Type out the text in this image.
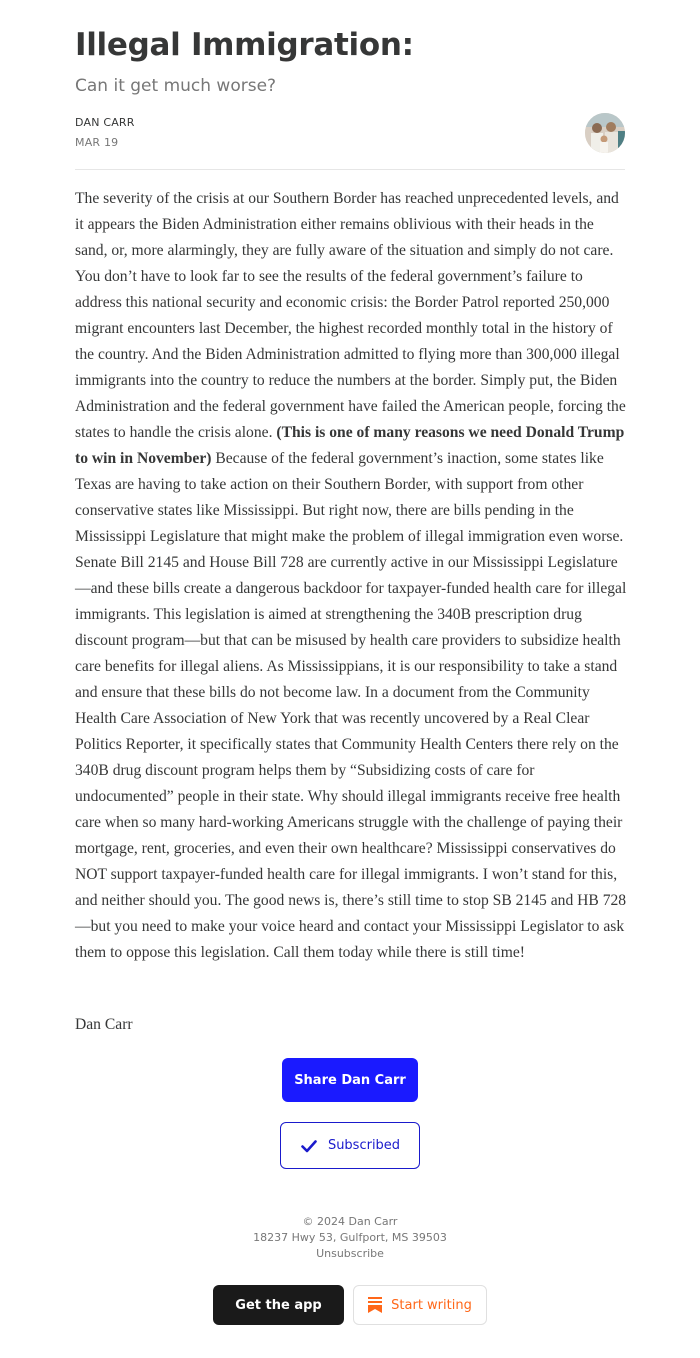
Illegal Immigration:
Can it get much worse?
DAN CARR
MAR 19
The severity of the crisis at our Southern Border has reached unprecedented levels, and it appears the Biden Administration either remains oblivious with their heads in the sand, or, more alarmingly, they are fully aware of the situation and simply do not care. You don’t have to look far to see the results of the federal government’s failure to address this national security and economic crisis: the Border Patrol reported 250,000 migrant encounters last December, the highest recorded monthly total in the history of the country. And the Biden Administration admitted to flying more than 300,000 illegal immigrants into the country to reduce the numbers at the border. Simply put, the Biden Administration and the federal government have failed the American people, forcing the states to handle the crisis alone. (This is one of many reasons we need Donald Trump to win in November) Because of the federal government’s inaction, some states like Texas are having to take action on their Southern Border, with support from other conservative states like Mississippi. But right now, there are bills pending in the Mississippi Legislature that might make the problem of illegal immigration even worse. Senate Bill 2145 and House Bill 728 are currently active in our Mississippi Legislature—and these bills create a dangerous backdoor for taxpayer-funded health care for illegal immigrants. This legislation is aimed at strengthening the 340B prescription drug discount program—but that can be misused by health care providers to subsidize health care benefits for illegal aliens. As Mississippians, it is our responsibility to take a stand and ensure that these bills do not become law. In a document from the Community Health Care Association of New York that was recently uncovered by a Real Clear Politics Reporter, it specifically states that Community Health Centers there rely on the 340B drug discount program helps them by “Subsidizing costs of care for undocumented” people in their state. Why should illegal immigrants receive free health care when so many hard-working Americans struggle with the challenge of paying their mortgage, rent, groceries, and even their own healthcare? Mississippi conservatives do NOT support taxpayer-funded health care for illegal immigrants. I won’t stand for this, and neither should you. The good news is, there’s still time to stop SB 2145 and HB 728—but you need to make your voice heard and contact your Mississippi Legislator to ask them to oppose this legislation. Call them today while there is still time!
Dan Carr
Share Dan Carr
Subscribed
© 2024 Dan Carr
18237 Hwy 53, Gulfport, MS 39503
Unsubscribe
Get the app	Start writing
